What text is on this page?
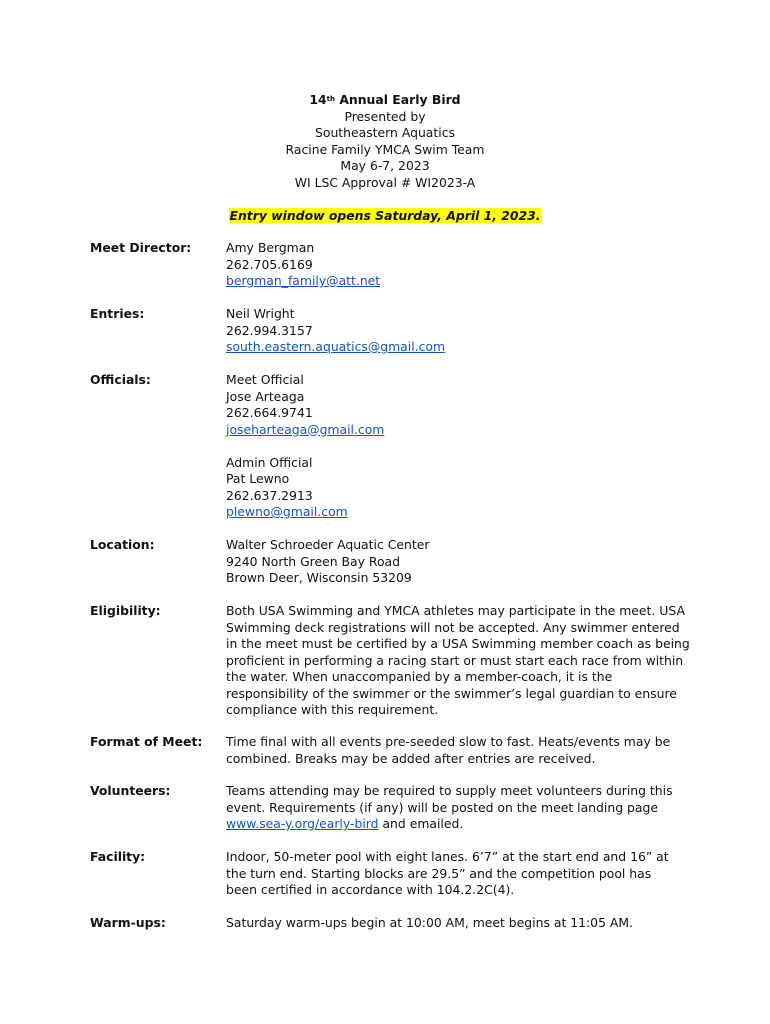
14th Annual Early Bird
Presented by
Southeastern Aquatics
Racine Family YMCA Swim Team
May 6-7, 2023
WI LSC Approval # WI2023-A
Entry window opens Saturday, April 1, 2023.
Meet Director:	Amy Bergman
262.705.6169
bergman_family@att.net
Entries:	Neil Wright
262.994.3157
south.eastern.aquatics@gmail.com
Officials:	Meet Official
Jose Arteaga
262.664.9741
joseharteaga@gmail.com
Admin Official
Pat Lewno
262.637.2913
plewno@gmail.com
Location:	Walter Schroeder Aquatic Center
9240 North Green Bay Road
Brown Deer, Wisconsin 53209
Eligibility:	Both USA Swimming and YMCA athletes may participate in the meet. USA
Swimming deck registrations will not be accepted. Any swimmer entered
in the meet must be certified by a USA Swimming member coach as being
proficient in performing a racing start or must start each race from within
the water. When unaccompanied by a member-coach, it is the
responsibility of the swimmer or the swimmer’s legal guardian to ensure
compliance with this requirement.
Format of Meet: Time final with all events pre-seeded slow to fast. Heats/events may be
combined. Breaks may be added after entries are received.
Volunteers:	Teams attending may be required to supply meet volunteers during this
event. Requirements (if any) will be posted on the meet landing page
www.sea-y.org/early-bird and emailed.
Facility:	Indoor, 50-meter pool with eight lanes. 6’7” at the start end and 16” at
the turn end. Starting blocks are 29.5” and the competition pool has
been certified in accordance with 104.2.2C(4).
Warm-ups:	Saturday warm-ups begin at 10:00 AM, meet begins at 11:05 AM.
